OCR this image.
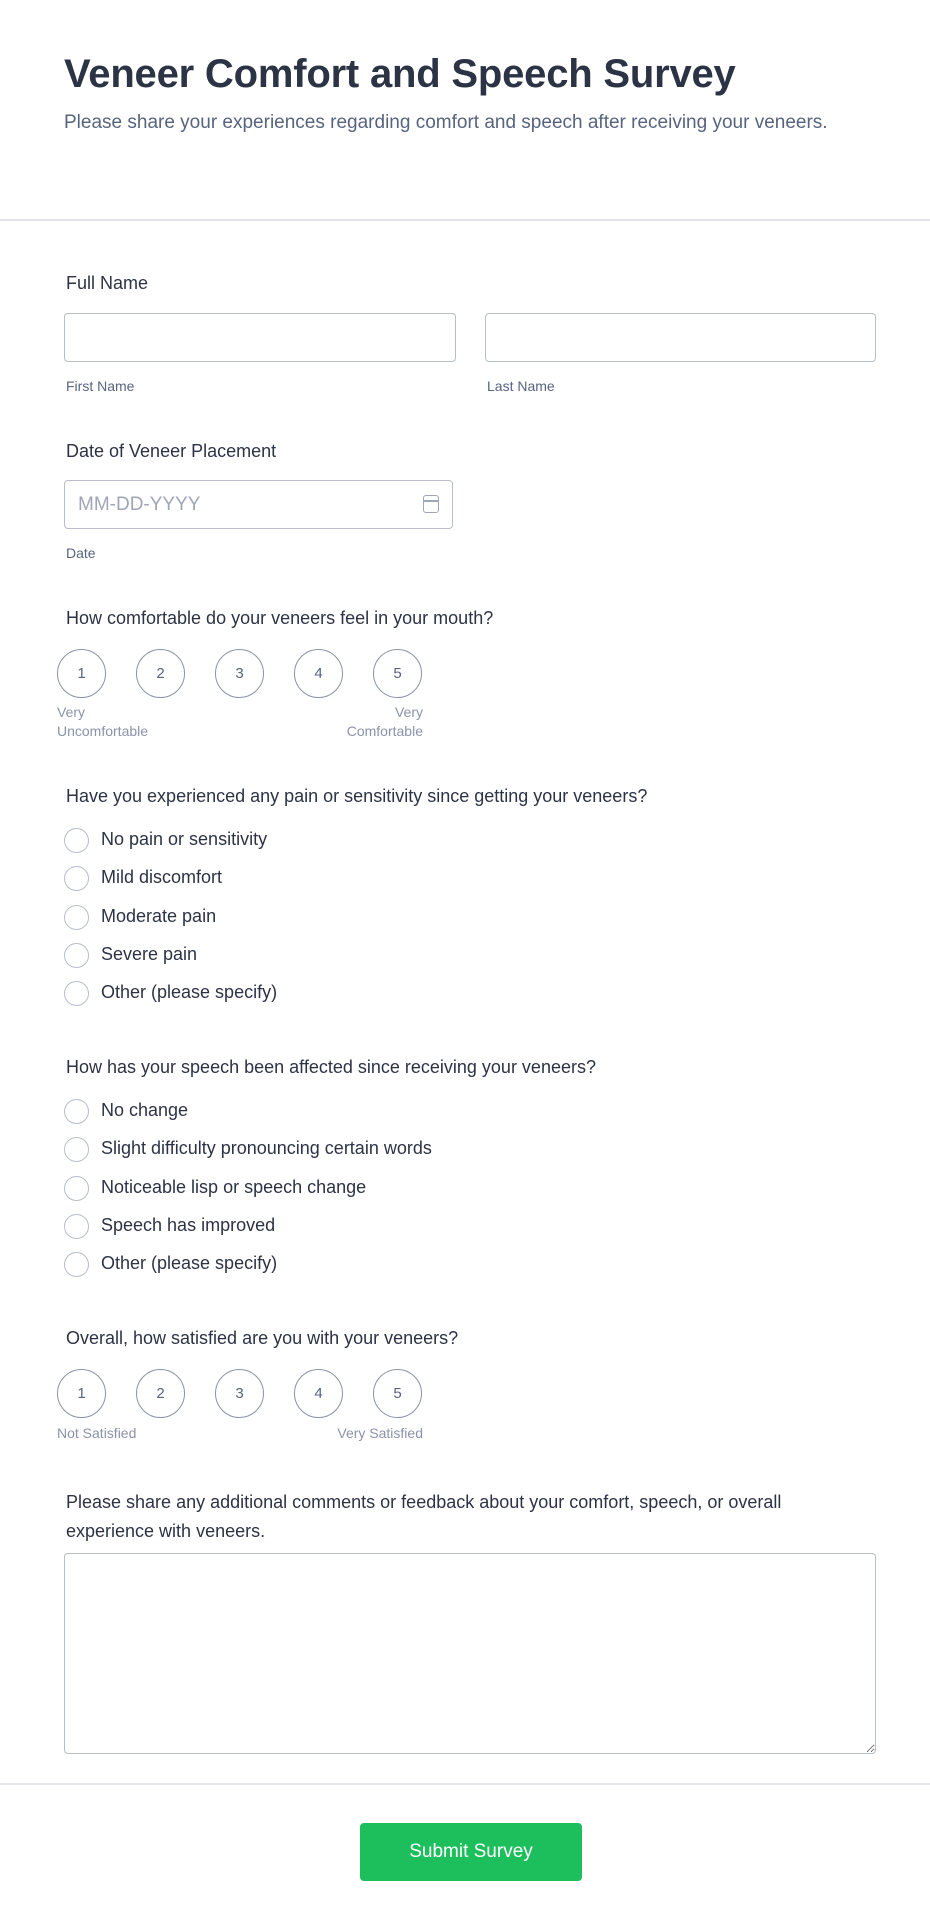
Veneer Comfort and Speech Survey

Please share your experiences regarding comfort and speech after receiving your veneers.

Full Name
First Name	Last Name
Date of Veneer Placement
MM-DD-YYYY
Date
How comfortable do your veneers feel in your mouth?
1	2	3	4	5
Very
Uncomfortable
Very
Comfortable
Have you experienced any pain or sensitivity since getting your veneers?
No pain or sensitivity
Mild discomfort
Moderate pain
Severe pain
Other (please specify)
How has your speech been affected since receiving your veneers?
No change
Slight difficulty pronouncing certain words
Noticeable lisp or speech change
Speech has improved
Other (please specify)
Overall, how satisfied are you with your veneers?
1	2	3	4	5
Not Satisfied	Very Satisfied
Please share any additional comments or feedback about your comfort, speech, or overall experience with veneers.
Submit Survey
